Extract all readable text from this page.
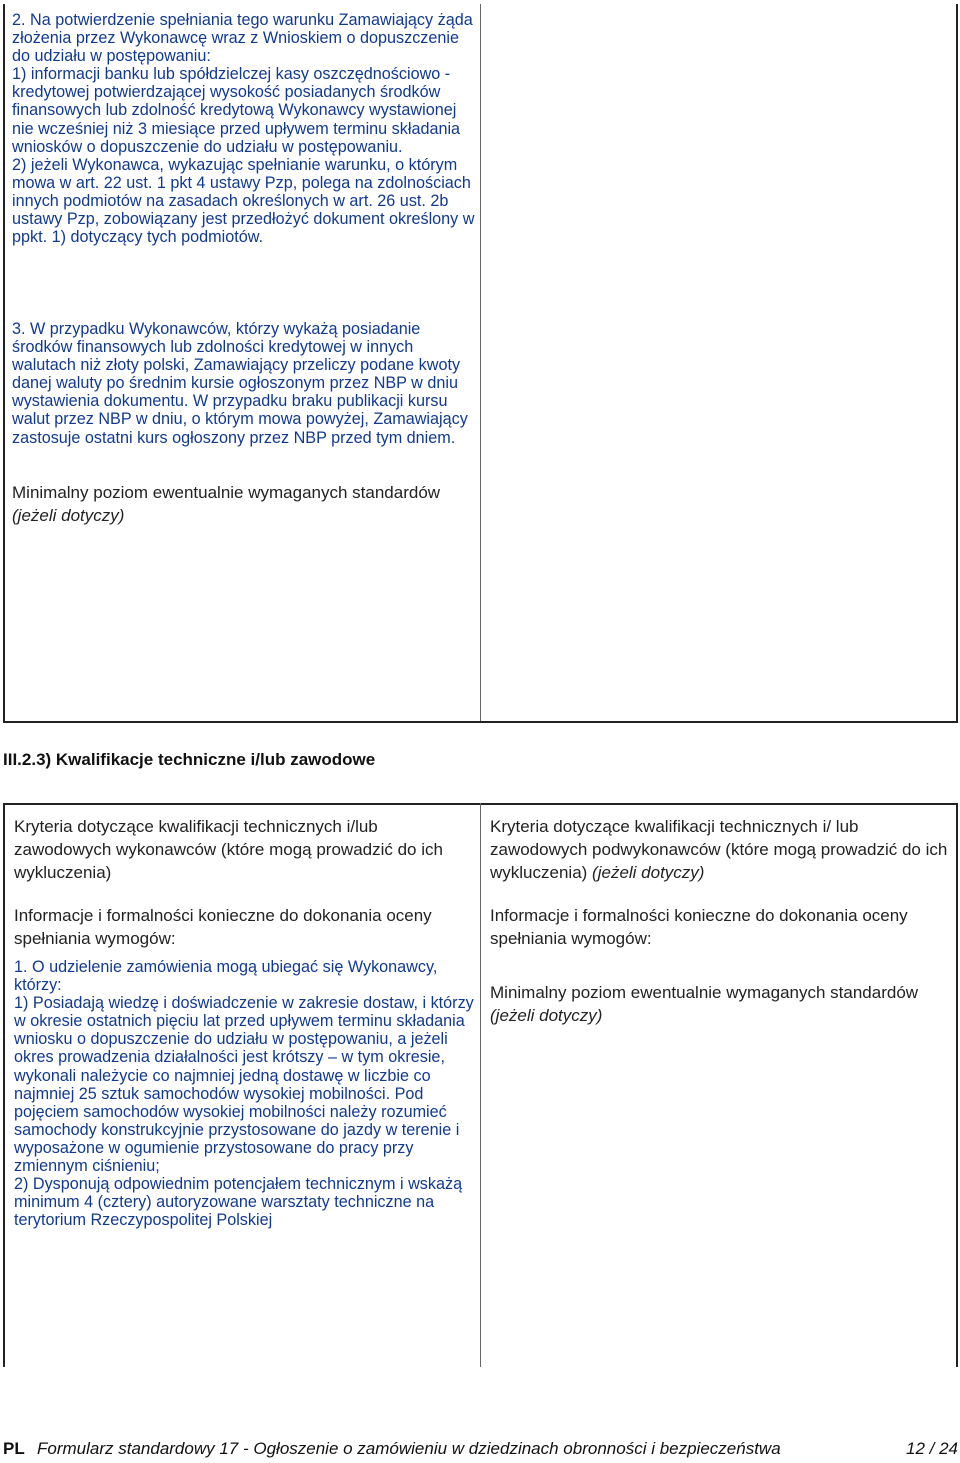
2. Na potwierdzenie spełniania tego warunku Zamawiający żąda złożenia przez Wykonawcę wraz z Wnioskiem o dopuszczenie do udziału w postępowaniu:

1) informacji banku lub spółdzielczej kasy oszczędnościowo - kredytowej potwierdzającej wysokość posiadanych środków finansowych lub zdolność kredytową Wykonawcy wystawionej nie wcześniej niż 3 miesiące przed upływem terminu składania wniosków o dopuszczenie do udziału w postępowaniu.

2) jeżeli Wykonawca, wykazując spełnianie warunku, o którym mowa w art. 22 ust. 1 pkt 4 ustawy Pzp, polega na zdolnościach innych podmiotów na zasadach określonych w art. 26 ust. 2b ustawy Pzp, zobowiązany jest przedłożyć dokument określony w ppkt. 1) dotyczący tych podmiotów.

3. W przypadku Wykonawców, którzy wykażą posiadanie środków finansowych lub zdolności kredytowej w innych walutach niż złoty polski, Zamawiający przeliczy podane kwoty danej waluty po średnim kursie ogłoszonym przez NBP w dniu wystawienia dokumentu. W przypadku braku publikacji kursu walut przez NBP w dniu, o którym mowa powyżej, Zamawiający zastosuje ostatni kurs ogłoszony przez NBP przed tym dniem.

Minimalny poziom ewentualnie wymaganych standardów (jeżeli dotyczy)
III.2.3) Kwalifikacje techniczne i/lub zawodowe
Kryteria dotyczące kwalifikacji technicznych i/lub zawodowych wykonawców (które mogą prowadzić do ich wykluczenia)
Kryteria dotyczące kwalifikacji technicznych i/ lub zawodowych podwykonawców (które mogą prowadzić do ich wykluczenia) (jeżeli dotyczy)
Informacje i formalności konieczne do dokonania oceny spełniania wymogów:
Informacje i formalności konieczne do dokonania oceny spełniania wymogów:

1. O udzielenie zamówienia mogą ubiegać się Wykonawcy, którzy:

1) Posiadają wiedzę i doświadczenie w zakresie dostaw, i którzy w okresie ostatnich pięciu lat przed upływem terminu składania wniosku o dopuszczenie do udziału w postępowaniu, a jeżeli okres prowadzenia działalności jest krótszy – w tym okresie, wykonali należycie co najmniej jedną dostawę w liczbie co najmniej 25 sztuk samochodów wysokiej mobilności. Pod pojęciem samochodów wysokiej mobilności należy rozumieć samochody konstrukcyjnie przystosowane do jazdy w terenie i wyposażone w ogumienie przystosowane do pracy przy zmiennym ciśnieniu;

2) Dysponują odpowiednim potencjałem technicznym i wskażą minimum 4 (cztery) autoryzowane warsztaty techniczne na terytorium Rzeczypospolitej Polskiej

Minimalny poziom ewentualnie wymaganych standardów (jeżeli dotyczy)
PL Formularz standardowy 17 - Ogłoszenie o zamówieniu w dziedzinach obronności i bezpieczeństwa	12 / 24
